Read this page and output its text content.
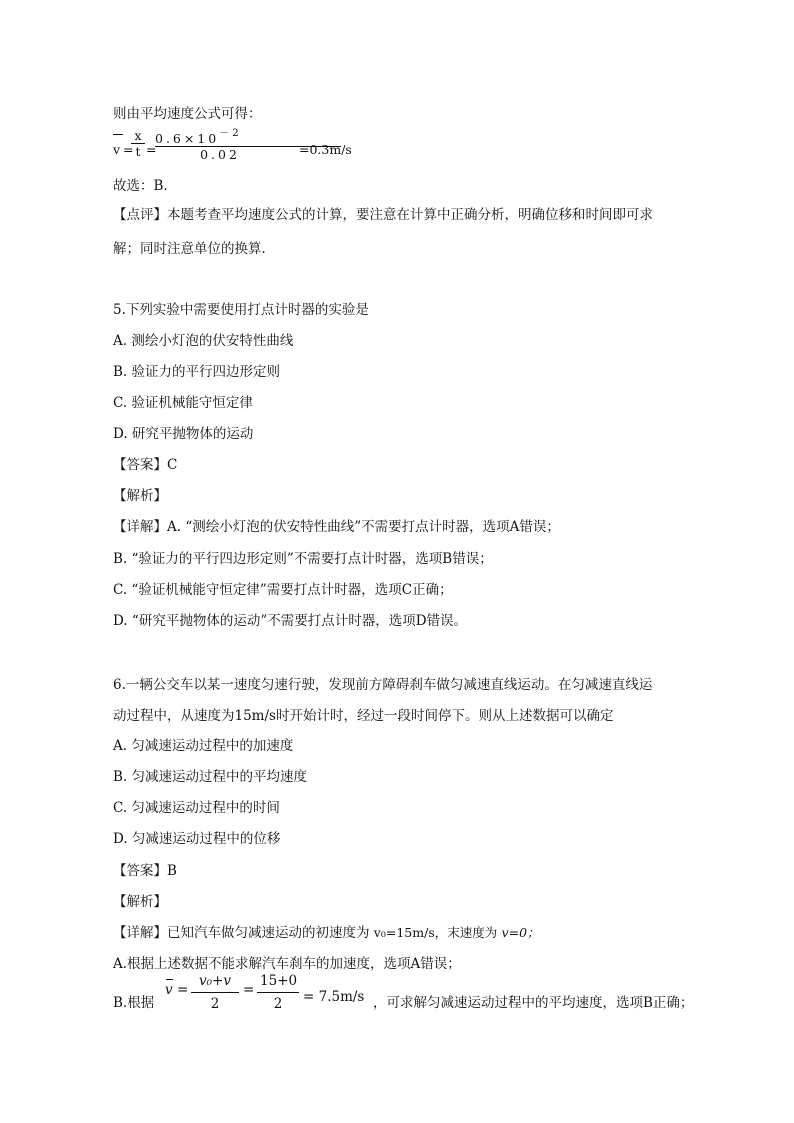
则由平均速度公式可得：
v =
$\frac{x}{t}$ =
$\frac{0.6\times 10^{-2}}{0.02}$
=0.3m/s
故选：B．
【点评】本题考查平均速度公式的计算，要注意在计算中正确分析，明确位移和时间即可求
解；同时注意单位的换算．
5.下列实验中需要使用打点计时器的实验是
A. 测绘小灯泡的伏安特性曲线
B. 验证力的平行四边形定则
C. 验证机械能守恒定律
D. 研究平抛物体的运动
【答案】C
【解析】
【详解】A. “测绘小灯泡的伏安特性曲线”不需要打点计时器，选项A错误；
B. “验证力的平行四边形定则”不需要打点计时器，选项B错误；
C. “验证机械能守恒定律”需要打点计时器，选项C正确；
D. “研究平抛物体的运动”不需要打点计时器，选项D错误。
6.一辆公交车以某一速度匀速行驶，发现前方障碍刹车做匀减速直线运动。在匀减速直线运
动过程中，从速度为15m/s时开始计时，经过一段时间停下。则从上述数据可以确定
A. 匀减速运动过程中的加速度
B. 匀减速运动过程中的平均速度
C. 匀减速运动过程中的时间
D. 匀减速运动过程中的位移
【答案】B
【解析】
【详解】已知汽车做匀减速运动的初速度为 v₀=15m/s，末速度为 v=0；
A.根据上述数据不能求解汽车刹车的加速度，选项A错误；
B.根据
$v = \frac{\text{v₀+v}}{2} = \frac{15+0}{2} = 7.5m/s$ ，可求解匀减速运动过程中的平均速度，选项B正确；
